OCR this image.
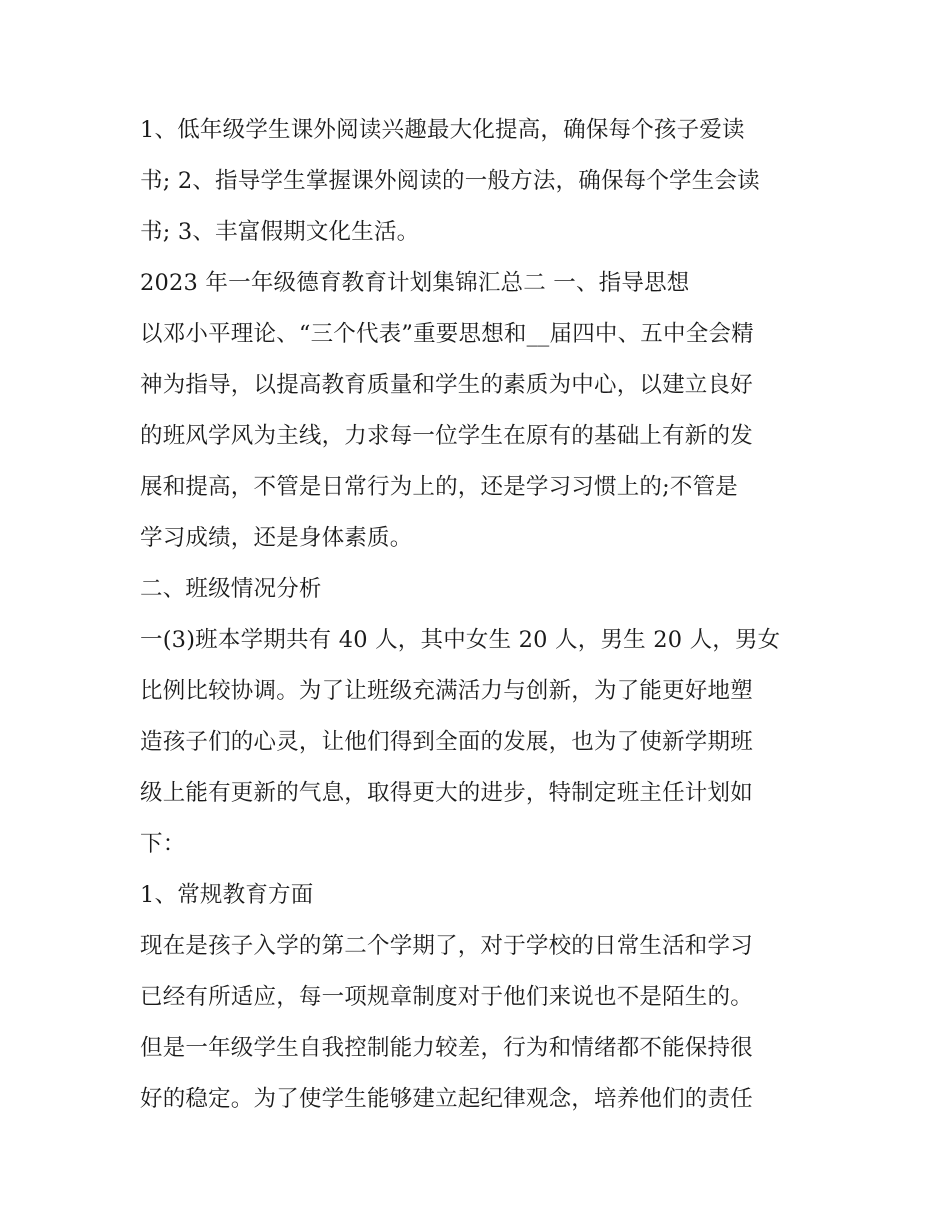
1、低年级学生课外阅读兴趣最大化提高，确保每个孩子爱读
书; 2、指导学生掌握课外阅读的一般方法，确保每个学生会读
书; 3、丰富假期文化生活。
2023 年一年级德育教育计划集锦汇总二 一、指导思想
以邓小平理论、“三个代表”重要思想和__届四中、五中全会精
神为指导，以提高教育质量和学生的素质为中心，以建立良好
的班风学风为主线，力求每一位学生在原有的基础上有新的发
展和提高，不管是日常行为上的，还是学习习惯上的;不管是
学习成绩，还是身体素质。
二、班级情况分析
一(3)班本学期共有 40 人，其中女生 20 人，男生 20 人，男女
比例比较协调。为了让班级充满活力与创新，为了能更好地塑
造孩子们的心灵，让他们得到全面的发展，也为了使新学期班
级上能有更新的气息，取得更大的进步，特制定班主任计划如
下：
1、常规教育方面
现在是孩子入学的第二个学期了，对于学校的日常生活和学习
已经有所适应，每一项规章制度对于他们来说也不是陌生的。
但是一年级学生自我控制能力较差，行为和情绪都不能保持很
好的稳定。为了使学生能够建立起纪律观念，培养他们的责任
